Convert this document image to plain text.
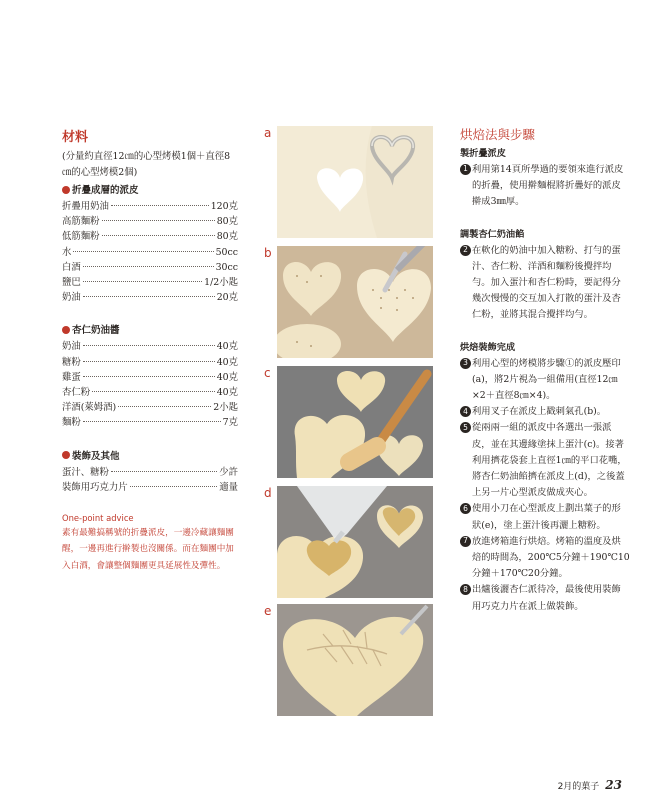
材料
(分量約直徑12㎝的心型烤模1個＋直徑8㎝的心型烤模2個)
折疊成層的派皮
折疊用奶油	120克
高筋麵粉	80克
低筋麵粉	80克
水	50cc
白酒	30cc
鹽巴	1/2小匙
奶油	20克
杏仁奶油醬
奶油	40克
糖粉	40克
雞蛋	40克
杏仁粉	40克
洋酒(萊姆酒)	2小匙
麵粉	7克
裝飾及其他
蛋汁、糖粉	少許
裝飾用巧克力片	適量
One-point advice
素有最難搞稱號的折疊派皮，一邊冷藏讓麵團醒，一邊再進行擀製也沒關係。而在麵團中加入白酒，會讓整個麵團更具延展性及彈性。
a
b
c
d
e
烘焙法與步驟
製折疊派皮
1 利用第14頁所學過的要領來進行派皮的折疊，使用擀麵棍將折疊好的派皮擀成3㎜厚。
調製杏仁奶油餡
2 在軟化的奶油中加入糖粉、打勻的蛋汁、杏仁粉、洋酒和麵粉後攪拌均勻。加入蛋汁和杏仁粉時，要記得分幾次慢慢的交互加入打散的蛋汁及杏仁粉，並將其混合攪拌均勻。
烘焙裝飾完成
3 利用心型的烤模將步驟①的派皮壓印(a)，將2片視為一組備用(直徑12㎝×2＋直徑8㎝×4)。
4 利用叉子在派皮上戳刺氣孔(b)。
5 從兩兩一組的派皮中各選出一張派皮，並在其邊緣塗抹上蛋汁(c)。接著利用擠花袋套上直徑1㎝的平口花嘴，將杏仁奶油餡擠在派皮上(d)，之後蓋上另一片心型派皮做成夾心。
6 使用小刀在心型派皮上劃出葉子的形狀(e)，塗上蛋汁後再灑上糖粉。
7 放進烤箱進行烘焙。烤箱的溫度及烘焙的時間為，200℃5分鐘＋190℃10分鐘＋170℃20分鐘。
8 出爐後灑杏仁派待冷，最後使用裝飾用巧克力片在派上做裝飾。
2月的菓子 23
